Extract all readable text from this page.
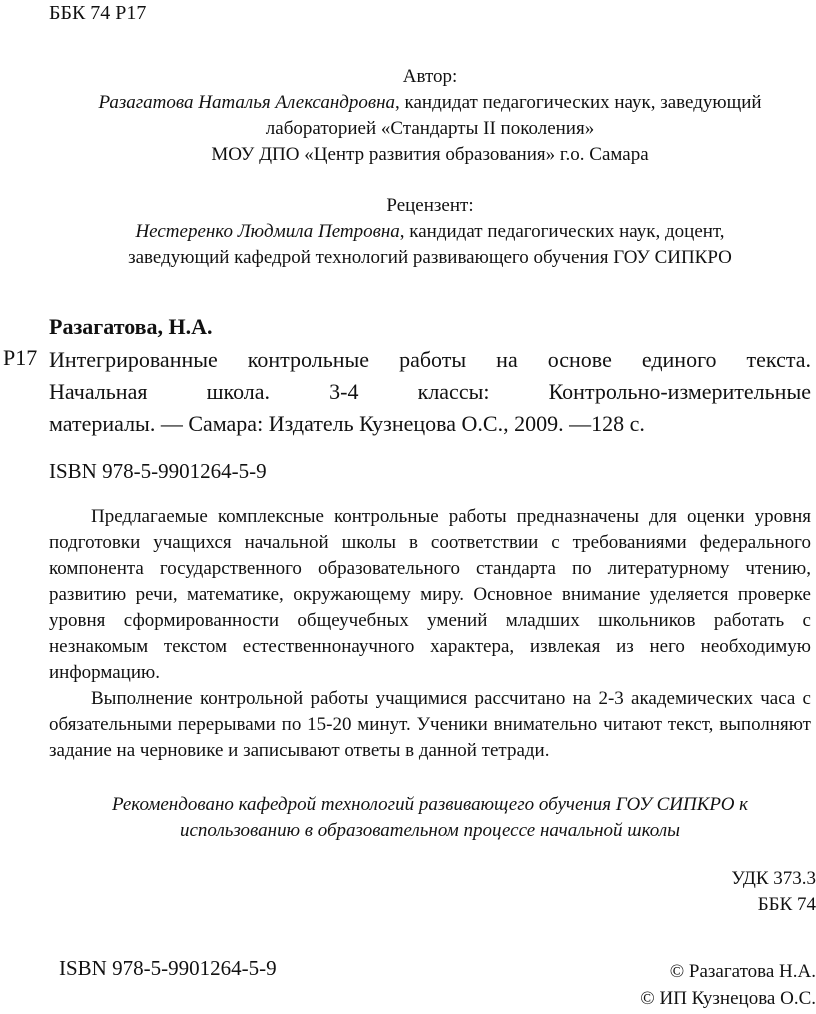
ББК 74 Р17
Автор:
Разагатова Наталья Александровна, кандидат педагогических наук, заведующий
лабораторией «Стандарты II поколения»
МОУ ДПО «Центр развития образования» г.о. Самара
Рецензент:
Нестеренко Людмила Петровна, кандидат педагогических наук, доцент,
заведующий кафедрой технологий развивающего обучения ГОУ СИПКРО
Разагатова, Н.А.
Р17 Интегрированные контрольные работы на основе единого текста.
Начальная школа. 3-4 классы: Контрольно-измерительные
материалы. — Самара: Издатель Кузнецова О.С., 2009. —128 с.
ISBN 978-5-9901264-5-9

Предлагаемые комплексные контрольные работы предназначены для оценки уровня подготовки учащихся начальной школы в соответствии с требованиями федерального компонента государственного образовательного стандарта по литературному чтению, развитию речи, математике, окружающему миру. Основное внимание уделяется проверке уровня сформированности общеучебных умений младших школьников работать с незнакомым текстом естественнонаучного характера, извлекая из него необходимую информацию.

Выполнение контрольной работы учащимися рассчитано на 2-3 академических часа с обязательными перерывами по 15-20 минут. Ученики внимательно читают текст, выполняют задание на черновике и записывают ответы в данной тетради.

Рекомендовано кафедрой технологий развивающего обучения ГОУ СИПКРО к
использованию в образовательном процессе начальной школы
УДК 373.3
ББК 74
ISBN 978-5-9901264-5-9	© Разагатова Н.А.
© ИП Кузнецова О.С.
